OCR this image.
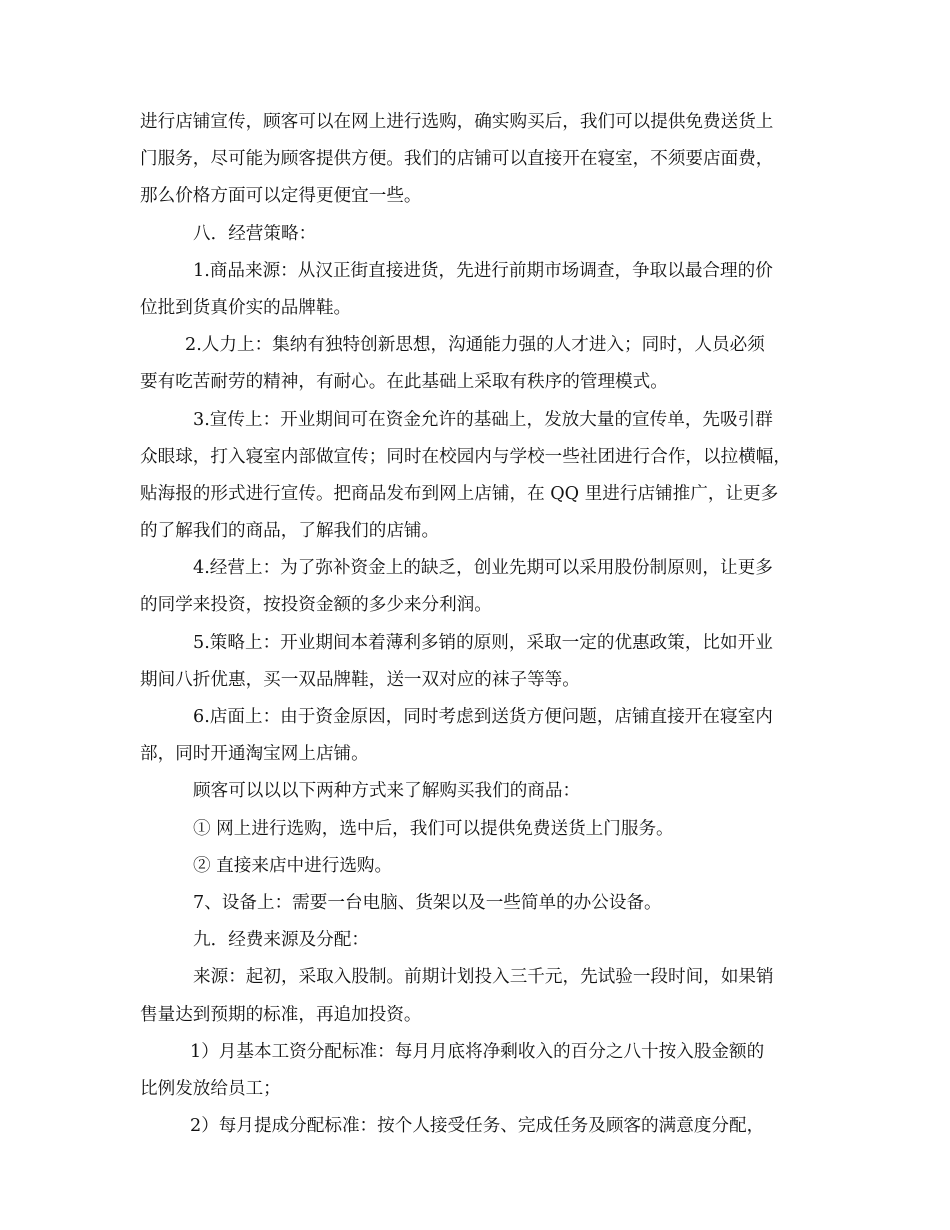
进行店铺宣传，顾客可以在网上进行选购，确实购买后，我们可以提供免费送货上
门服务，尽可能为顾客提供方便。我们的店铺可以直接开在寝室，不须要店面费，
那么价格方面可以定得更便宜一些。
八．经营策略：
1.商品来源：从汉正街直接进货，先进行前期市场调查，争取以最合理的价
位批到货真价实的品牌鞋。
2.人力上：集纳有独特创新思想，沟通能力强的人才进入；同时，人员必须
要有吃苦耐劳的精神，有耐心。在此基础上采取有秩序的管理模式。
3.宣传上：开业期间可在资金允许的基础上，发放大量的宣传单，先吸引群
众眼球，打入寝室内部做宣传；同时在校园内与学校一些社团进行合作，以拉横幅，
贴海报的形式进行宣传。把商品发布到网上店铺，在 QQ 里进行店铺推广，让更多
的了解我们的商品，了解我们的店铺。
4.经营上：为了弥补资金上的缺乏，创业先期可以采用股份制原则，让更多
的同学来投资，按投资金额的多少来分利润。
5.策略上：开业期间本着薄利多销的原则，采取一定的优惠政策，比如开业
期间八折优惠，买一双品牌鞋，送一双对应的袜子等等。
6.店面上：由于资金原因，同时考虑到送货方便问题，店铺直接开在寝室内
部，同时开通淘宝网上店铺。
顾客可以以以下两种方式来了解购买我们的商品：
① 网上进行选购，选中后，我们可以提供免费送货上门服务。
② 直接来店中进行选购。
7、设备上：需要一台电脑、货架以及一些简单的办公设备。
九．经费来源及分配：
来源：起初，采取入股制。前期计划投入三千元，先试验一段时间，如果销
售量达到预期的标准，再追加投资。
1）月基本工资分配标准：每月月底将净剩收入的百分之八十按入股金额的
比例发放给员工；
2）每月提成分配标准：按个人接受任务、完成任务及顾客的满意度分配，
